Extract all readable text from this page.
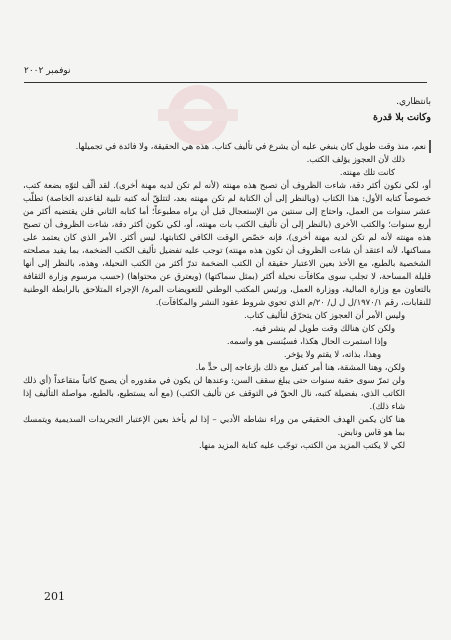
نوفمبر ٢٠٠٢
بانتظاري.
وكانت بلا قدرة

نعم، منذ وقت طويل كان ينبغي عليه أن يشرع في تأليف كتاب. هذه هي الحقيقة، ولا فائدة في تجميلها.

ذلك لأن العجوز يؤلف الكتب.

كانت تلك مهنته.

أو، لكي نكون أكثر دقة، شاءت الظروف أن تصبح هذه مهنته (لأنه لم تكن لديه مهنة أخرى). لقد ألّف لتوّه بضعة كتب، خصوصاً كتابه الأول: هذا الكتاب (وبالنظر إلى أن الكتابة لم تكن مهنته بعد، لتتلقّ أنه كتبه تلبية لقاعدته الخاصة) تطلّب عشر سنوات من العمل، واحتاج إلى سنتين من الإستعجال قبل أن يراه مطبوعاً؛ أما كتابه الثاني فلن يقتضيه أكثر من أربع سنوات؛ والكتب الأخرى (بالنظر إلى أن تأليف الكتب بات مهنته، أو، لكي نكون أكثر دقة، شاءت الظروف أن تصبح هذه مهنته لأنه لم تكن لديه مهنة أخرى)، فإنه خصّص الوقت الكافي لكتابتها، ليس أكثر. الأمر الذي كان يعتمد على مساكنها، لأنه اعتقد أن شاءت الظروف أن تكون هذه مهنته) توجب عليه تفضيل تأليف الكتب الضخمة، بما يفيد مصلحته الشخصية بالطبع، مع الأخذ بعين الاعتبار حقيقة أن الكتب الضخمة تدرّ أكثر من الكتب النحيلة، وهذه، بالنظر إلى أنها قليلة المساحة، لا تجلب سوى مكافآت نحيلة أكثر (بمثل سماكتها) (ويعترق عن محتواها) (حسب مرسوم وزارة الثقافة بالتعاون مع وزارة المالية، ووزارة العمل، ورئيس المكتب الوطني للتعويضات المرة/ الإجراء المتلاحق بالرابطة الوطنية للنقابات، رقم ١٩٧٠/١/ل ل ل/ ٢٠/م الذي تحوي شروط عقود النشر والمكافآت).

وليس الأمر أن العجوز كان يتحرّق لتأليف كتاب.

ولكن كان هنالك وقت طويل لم ينشر فيه.

وإذا استمرت الحال هكذا، فسيُنسى هو واسمه.

وهذا، بذاته، لا يقتم ولا يؤخر.

ولكن، وهنا المشقة، هنا أمر كفيل مع ذلك بإزعاجه إلى حدٍّ ما.

ولن تمرّ سوى حقبة سنوات حتى يبلغ سقف السن: وعندها لن يكون في مقدوره أن يصبح كاتباً متقاعداً (أي ذلك الكاتب الذي، بفضيلة كتبه، نال الحقّ في التوقف عن تأليف الكتب) (مع أنه يستطيع، بالطبع، مواصلة التأليف إذا شاء ذلك).

هنا كان يكمن الهدف الحقيقي من وراء نشاطه الأدبي – إذا لم يأخذ بعين الإعتبار التجريدات السديمية ويتمسك بما هو قاس ونابض.

لكي لا يكتب المزيد من الكتب، توجّب عليه كتابة المزيد منها.

201
